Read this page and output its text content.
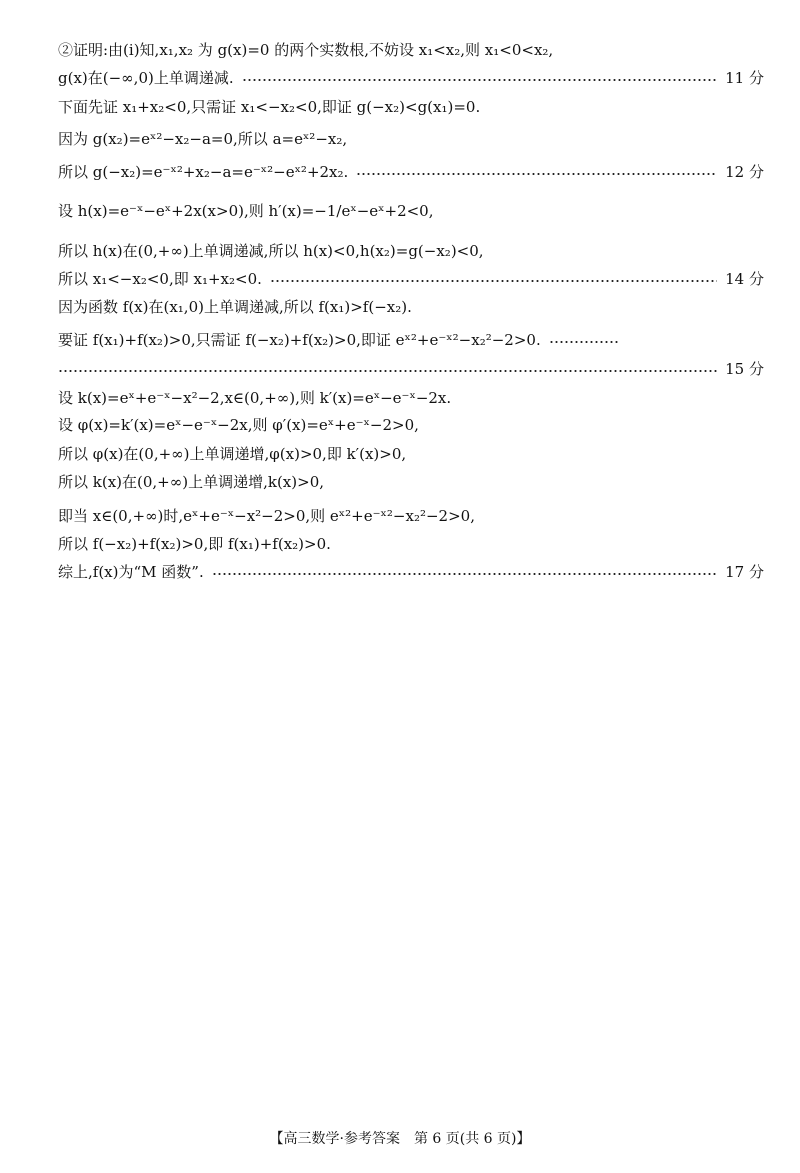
②证明:由(ⅰ)知,x₁,x₂ 为 g(x)=0 的两个实数根,不妨设 x₁<x₂,则 x₁<0<x₂,
g(x)在(−∞,0)上单调递减.	11 分
下面先证 x₁+x₂<0,只需证 x₁<−x₂<0,即证 g(−x₂)<g(x₁)=0.
因为 g(x₂)=eˣ²−x₂−a=0,所以 a=eˣ²−x₂,
所以 g(−x₂)=e⁻ˣ²+x₂−a=e⁻ˣ²−eˣ²+2x₂.	12 分
设 h(x)=e⁻ˣ−eˣ+2x(x>0),则 h′(x)=−1/eˣ−eˣ+2<0,
所以 h(x)在(0,+∞)上单调递减,所以 h(x)<0,h(x₂)=g(−x₂)<0,
所以 x₁<−x₂<0,即 x₁+x₂<0.	14 分
因为函数 f(x)在(x₁,0)上单调递减,所以 f(x₁)>f(−x₂).
要证 f(x₁)+f(x₂)>0,只需证 f(−x₂)+f(x₂)>0,即证 eˣ²+e⁻ˣ²−x₂²−2>0.
15 分
设 k(x)=eˣ+e⁻ˣ−x²−2,x∈(0,+∞),则 k′(x)=eˣ−e⁻ˣ−2x.
设 φ(x)=k′(x)=eˣ−e⁻ˣ−2x,则 φ′(x)=eˣ+e⁻ˣ−2>0,
所以 φ(x)在(0,+∞)上单调递增,φ(x)>0,即 k′(x)>0,
所以 k(x)在(0,+∞)上单调递增,k(x)>0,
即当 x∈(0,+∞)时,eˣ+e⁻ˣ−x²−2>0,则 eˣ²+e⁻ˣ²−x₂²−2>0,
所以 f(−x₂)+f(x₂)>0,即 f(x₁)+f(x₂)>0.
综上,f(x)为“M 函数”.	17 分
【高三数学·参考答案　第 6 页(共 6 页)】
